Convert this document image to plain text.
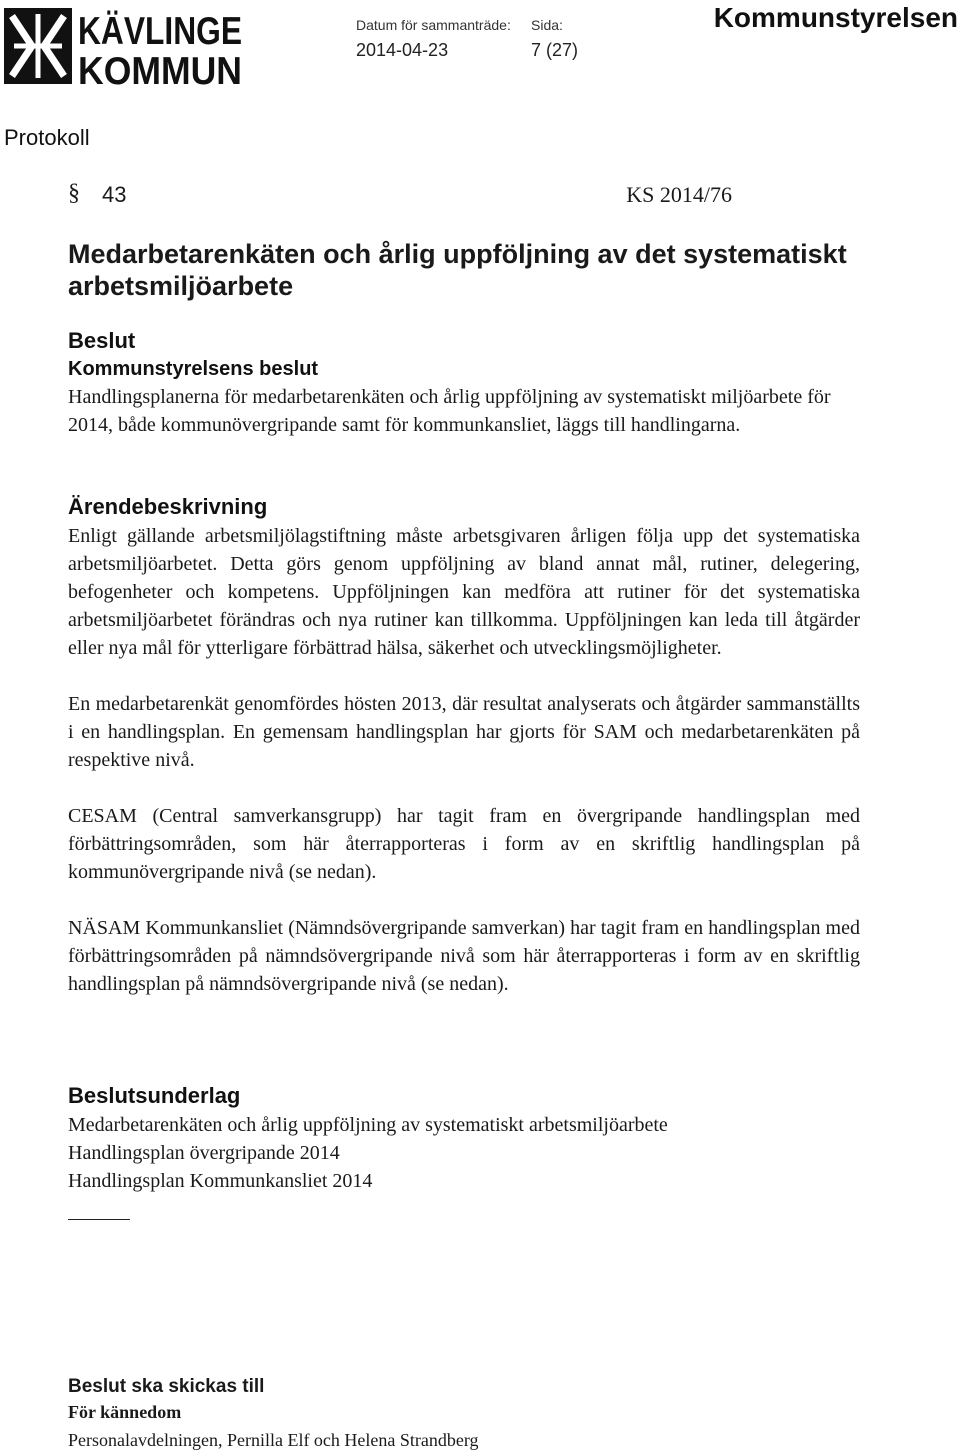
KÄVLINGE
KOMMUN
Datum för sammanträde:
2014-04-23
Sida:
7 (27)
Kommunstyrelsen
Protokoll
§ 43	KS 2014/76
Medarbetarenkäten och årlig uppföljning av det systematiskt arbetsmiljöarbete
Beslut
Kommunstyrelsens beslut

Handlingsplanerna för medarbetarenkäten och årlig uppföljning av systematiskt miljöarbete för 2014, både kommunövergripande samt för kommunkansliet, läggs till handlingarna.

Ärendebeskrivning

Enligt gällande arbetsmiljölagstiftning måste arbetsgivaren årligen följa upp det systematiska arbetsmiljöarbetet. Detta görs genom uppföljning av bland annat mål, rutiner, delegering, befogenheter och kompetens. Uppföljningen kan medföra att rutiner för det systematiska arbetsmiljöarbetet förändras och nya rutiner kan tillkomma. Uppföljningen kan leda till åtgärder eller nya mål för ytterligare förbättrad hälsa, säkerhet och utvecklingsmöjligheter.

En medarbetarenkät genomfördes hösten 2013, där resultat analyserats och åtgärder sammanställts i en handlingsplan. En gemensam handlingsplan har gjorts för SAM och medarbetarenkäten på respektive nivå.

CESAM (Central samverkansgrupp) har tagit fram en övergripande handlingsplan med förbättringsområden, som här återrapporteras i form av en skriftlig handlingsplan på kommunövergripande nivå (se nedan).

NÄSAM Kommunkansliet (Nämndsövergripande samverkan) har tagit fram en handlingsplan med förbättringsområden på nämndsövergripande nivå som här återrapporteras i form av en skriftlig handlingsplan på nämndsövergripande nivå (se nedan).

Beslutsunderlag

Medarbetarenkäten och årlig uppföljning av systematiskt arbetsmiljöarbete

Handlingsplan övergripande 2014

Handlingsplan Kommunkansliet 2014

Beslut ska skickas till
För kännedom
Personalavdelningen, Pernilla Elf och Helena Strandberg
